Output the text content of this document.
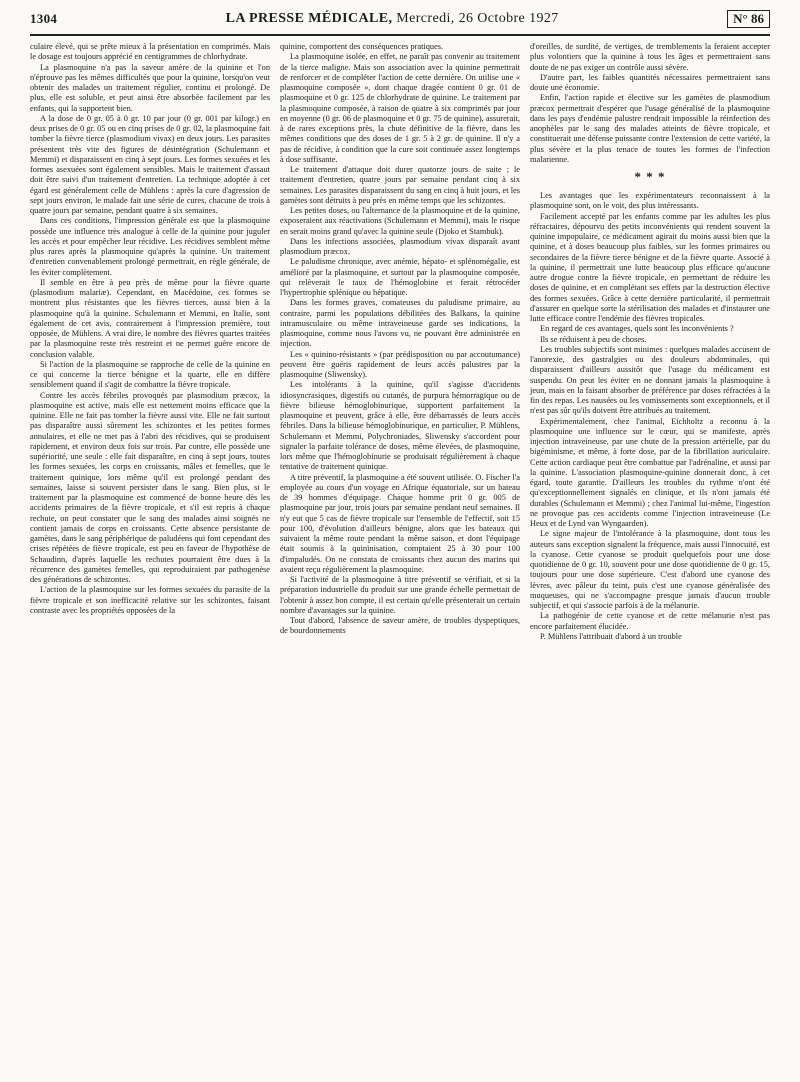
1304	LA PRESSE MÉDICALE, Mercredi, 26 Octobre 1927	N° 86

culaire élevé, qui se prête mieux à la présentation en comprimés. Mais le dosage est toujours apprécié en centigrammes de chlorhydrate.

La plasmoquine n'a pas la saveur amère de la quinine et l'on n'éprouve pas les mêmes difficultés que pour la quinine, lorsqu'on veut obtenir des malades un traitement régulier, continu et prolongé. De plus, elle est soluble, et peut ainsi être absorbée facilement par les enfants, qui la supportent bien.

A la dose de 0 gr. 05 à 0 gr. 10 par jour (0 gr. 001 par kilogr.) en deux prises de 0 gr. 05 ou en cinq prises de 0 gr. 02, la plasmoquine fait tomber la fièvre tierce (plasmodium vivax) en deux jours. Les parasites présentent très vite des figures de désintégration (Schulemann et Memmi) et disparaissent en cinq à sept jours. Les formes sexuées et les formes asexuées sont également sensibles. Mais le traitement d'assaut doit être suivi d'un traitement d'entretien. La technique adoptée à cet égard est généralement celle de Mühlens : après la cure d'agression de sept jours environ, le malade fait une série de cures, chacune de trois à quatre jours par semaine, pendant quatre à six semaines.

Dans ces conditions, l'impression générale est que la plasmoquine possède une influence très analogue à celle de la quinine pour juguler les accès et pour empêcher leur récidive. Les récidives semblent même plus rares après la plasmoquine qu'après la quinine. Un traitement d'entretien convenablement prolongé permettrait, en règle générale, de les éviter complètement.

Il semble en être à peu près de même pour la fièvre quarte (plasmodium malariæ). Cependant, en Macédoine, ces formes se montrent plus résistantes que les fièvres tierces, aussi bien à la plasmoquine qu'à la quinine. Schulemann et Memmi, en Italie, sont également de cet avis, contrairement à l'impression première, tout opposée, de Mühlens. A vrai dire, le nombre des fièvres quartes traitées par la plasmoquine reste très restreint et ne permet guère encore de conclusion valable.

Si l'action de la plasmoquine se rapproche de celle de la quinine en ce qui concerne la tierce bénigne et la quarte, elle en diffère sensiblement quand il s'agit de combattre la fièvre tropicale.

Contre les accès fébriles provoqués par plasmodium præcox, la plasmoquine est active, mais elle est nettement moins efficace que la quinine. Elle ne fait pas tomber la fièvre aussi vite. Elle ne fait surtout pas disparaître aussi sûrement les schizontes et les petites formes annulaires, et elle ne met pas à l'abri des récidives, qui se produisent rapidement, et environ deux fois sur trois. Par contre, elle possède une supériorité, une seule : elle fait disparaître, en cinq à sept jours, toutes les formes sexuées, les corps en croissants, mâles et femelles, que le traitement quinique, lors même qu'il est prolongé pendant des semaines, laisse si souvent persister dans le sang. Bien plus, si le traitement par la plasmoquine est commencé de bonne heure dès les accidents primaires de la fièvre tropicale, et s'il est repris à chaque rechute, on peut constater que le sang des malades ainsi soignés ne contient jamais de corps en croissants. Cette absence persistante de gamètes, dans le sang périphérique de paludéens qui font cependant des crises répétées de fièvre tropicale, est peu en faveur de l'hypothèse de Schaudinn, d'après laquelle les rechutes pourraient être dues à la récurrence des gamètes femelles, qui reproduiraient par pathogenèse des générations de schizontes.

L'action de la plasmoquine sur les formes sexuées du parasite de la fièvre tropicale et son inefficacité relative sur les schizontes, faisant contraste avec les propriétés opposées de la

quinine, comportent des conséquences pratiques.

La plasmoquine isolée, en effet, ne paraît pas convenir au traitement de la tierce maligne. Mais son association avec la quinine permettrait de renforcer et de compléter l'action de cette dernière. On utilise une « plasmoquine composée », dont chaque dragée contient 0 gr. 01 de plasmoquine et 0 gr. 125 de chlorhydrate de quinine. Le traitement par la plasmoquine composée, à raison de quatre à six comprimés par jour en moyenne (0 gr. 06 de plasmoquine et 0 gr. 75 de quinine), assurerait, à de rares exceptions près, la chute définitive de la fièvre, dans les mêmes conditions que des doses de 1 gr. 5 à 2 gr. de quinine. Il n'y a pas de récidive, à condition que la cure soit continuée assez longtemps à dose suffisante.

Le traitement d'attaque doit durer quatorze jours de suite ; le traitement d'entretien, quatre jours par semaine pendant cinq à six semaines. Les parasites disparaissent du sang en cinq à huit jours, et les gamètes sont détruits à peu près en même temps que les schizontes.

Les petites doses, ou l'alternance de la plasmoquine et de la quinine, exposeraient aux réactivations (Schulemann et Memmi), mais le risque en serait moins grand qu'avec la quinine seule (Djoko et Stambuk).

Dans les infections associées, plasmodium vivax disparaît avant plasmodium præcox.

Le paludisme chronique, avec anémie, hépato- et splénomégalie, est amélioré par la plasmoquine, et surtout par la plasmoquine composée, qui relèverait le taux de l'hémoglobine et ferait rétrocéder l'hypertrophie splénique ou hépatique.

Dans les formes graves, comateuses du paludisme primaire, au contraire, parmi les populations débilitées des Balkans, la quinine intramusculaire ou même intraveineuse garde ses indications, la plasmoquine, comme nous l'avons vu, ne pouvant être administrée en injection.

Les « quinino-résistants » (par prédisposition ou par accoutumance) peuvent être guéris rapidement de leurs accès palustres par la plasmoquine (Sliwensky).

Les intolérants à la quinine, qu'il s'agisse d'accidents idiosyncrasiques, digestifs ou cutanés, de purpura hémorragique ou de fièvre bilieuse hémoglobinurique, supportent parfaitement la plasmoquine et peuvent, grâce à elle, être débarrassés de leurs accès fébriles. Dans la bilieuse hémoglobinurique, en particulier, P. Mühlens, Schulemann et Memmi, Polychroniades, Sliwensky s'accordent pour signaler la parfaite tolérance de doses, même élevées, de plasmoquine, lors même que l'hémoglobinurie se produisait régulièrement à chaque tentative de traitement quinique.

A titre préventif, la plasmoquine a été souvent utilisée. O. Fischer l'a employée au cours d'un voyage en Afrique équatoriale, sur un bateau de 39 hommes d'équipage. Chaque homme prit 0 gr. 005 de plasmoquine par jour, trois jours par semaine pendant neuf semaines. Il n'y eut que 5 cas de fièvre tropicale sur l'ensemble de l'effectif, soit 15 pour 100, d'évolution d'ailleurs bénigne, alors que les bateaux qui suivaient la même route pendant la même saison, et dont l'équipage était soumis à la quininisation, comptaient 25 à 30 pour 100 d'impaludés. On ne constata de croissants chez aucun des marins qui avaient reçu régulièrement la plasmoquine.

Si l'activité de la plasmoquine à titre préventif se vérifiait, et si la préparation industrielle du produit sur une grande échelle permettait de l'obtenir à assez bon compte, il est certain qu'elle présenterait un certain nombre d'avantages sur la quinine.

Tout d'abord, l'absence de saveur amère, de troubles dyspeptiques, de bourdonnements

d'oreilles, de surdité, de vertiges, de tremblements la feraient accepter plus volontiers que la quinine à tous les âges et permettraient sans doute de ne pas exiger un contrôle aussi sévère.

D'autre part, les faibles quantités nécessaires permettraient sans doute une économie.

Enfin, l'action rapide et élective sur les gamètes de plasmodium præcox permettrait d'espérer que l'usage généralisé de la plasmoquine dans les pays d'endémie palustre rendrait impossible la réinfection des anophèles par le sang des malades atteints de fièvre tropicale, et constituerait une défense puissante contre l'extension de cette variété, la plus sévère et la plus tenace de toutes les formes de l'infection malarienne.

* * *

Les avantages que les expérimentateurs reconnaissent à la plasmoquine sont, on le voit, des plus intéressants.

Facilement accepté par les enfants comme par les adultes les plus réfractaires, dépourvu des petits inconvénients qui rendent souvent la quinine impopulaire, ce médicament agirait du moins aussi bien que la quinine, et à doses beaucoup plus faibles, sur les formes primaires ou secondaires de la fièvre tierce bénigne et de la fièvre quarte. Associé à la quinine, il permettrait une lutte beaucoup plus efficace qu'aucune autre drogue contre la fièvre tropicale, en permettant de réduire les doses de quinine, et en complétant ses effets par la destruction élective des formes sexuées. Grâce à cette dernière particularité, il permettrait d'assurer en quelque sorte la stérilisation des malades et d'instaurer une lutte efficace contre l'endémie des fièvres tropicales.

En regard de ces avantages, quels sont les inconvénients ?

Ils se réduisent à peu de choses.

Les troubles subjectifs sont minimes : quelques malades accusent de l'anorexie, des gastralgies ou des douleurs abdominales, qui disparaissent d'ailleurs aussitôt que l'usage du médicament est suspendu. On peut les éviter en ne donnant jamais la plasmoquine à jeun, mais en la faisant absorber de préférence par doses réfractées à la fin des repas. Les nausées ou les vomissements sont exceptionnels, et il n'est pas sûr qu'ils doivent être attribués au traitement.

Expérimentalement, chez l'animal, Eichholtz a reconnu à la plasmoquine une influence sur le cœur, qui se manifeste, après injection intraveineuse, par une chute de la pression artérielle, par du bigéminisme, et même, à forte dose, par de la fibrillation auriculaire. Cette action cardiaque peut être combattue par l'adrénaline, et aussi par la quinine. L'association plasmoquine-quinine donnerait donc, à cet égard, toute garantie. D'ailleurs les troubles du rythme n'ont été qu'exceptionnellement signalés en clinique, et ils n'ont jamais été durables (Schulemann et Memmi) ; chez l'animal lui-même, l'ingestion ne provoque pas ces accidents comme l'injection intraveineuse (Le Heux et de Lynd van Wyngaarden).

Le signe majeur de l'intolérance à la plasmoquine, dont tous les auteurs sans exception signalent la fréquence, mais aussi l'innocuité, est la cyanose. Cette cyanose se produit quelquefois pour une dose quotidienne de 0 gr. 10, souvent pour une dose quotidienne de 0 gr. 15, toujours pour une dose supérieure. C'est d'abord une cyanose des lèvres, avec pâleur du teint, puis c'est une cyanose généralisée des muqueuses, qui ne s'accompagne presque jamais d'aucun trouble subjectif, et qui s'associe parfois à de la mélanurie.

La pathogénie de cette cyanose et de cette mélanurie n'est pas encore parfaitement élucidée.

P. Mühlens l'attribuait d'abord à un trouble
